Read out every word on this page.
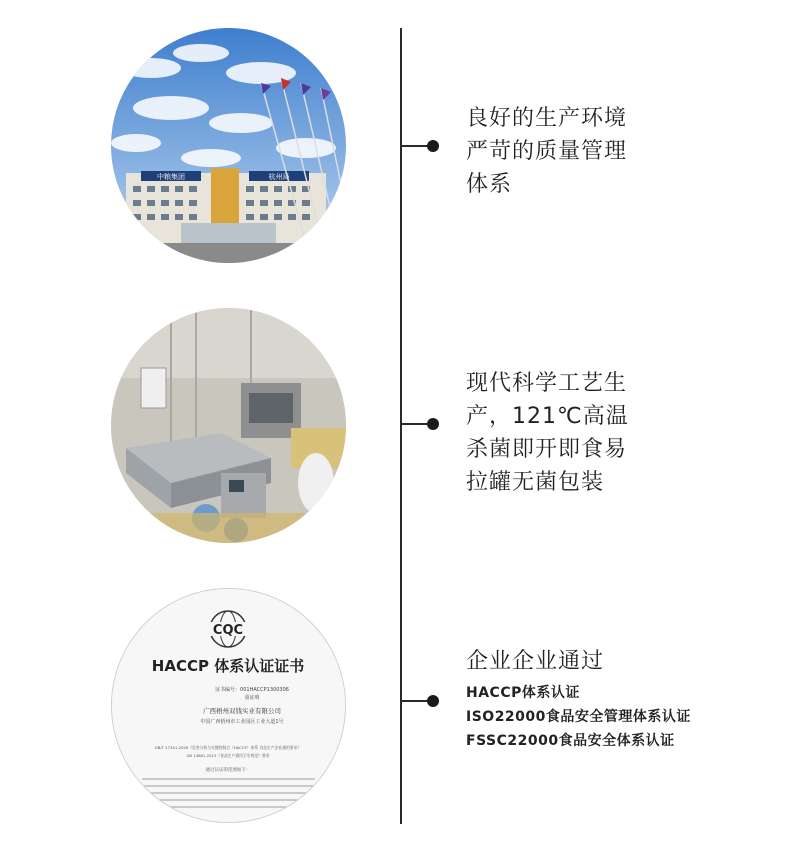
中粮集团	杭州局
良好的生产环境
严苛的质量管理
体系
现代科学工艺生
产，121℃高温
杀菌即开即食易
拉罐无菌包装
CQC
HACCP 体系认证证书
证书编号：001HACCP1300306
重证明
广西梧州双钱实业有限公司
中国广西梧州市工业园区工业大道1号
GB/T 27341-2009《危害分析与关键控制点（HACCP）体系 食品生产企业通用要求》
GB 14881-2013《食品生产通用卫生规范》要求
通过认证的范围如下：
企业企业通过
HACCP体系认证
ISO22000食品安全管理体系认证
FSSC22000食品安全体系认证
